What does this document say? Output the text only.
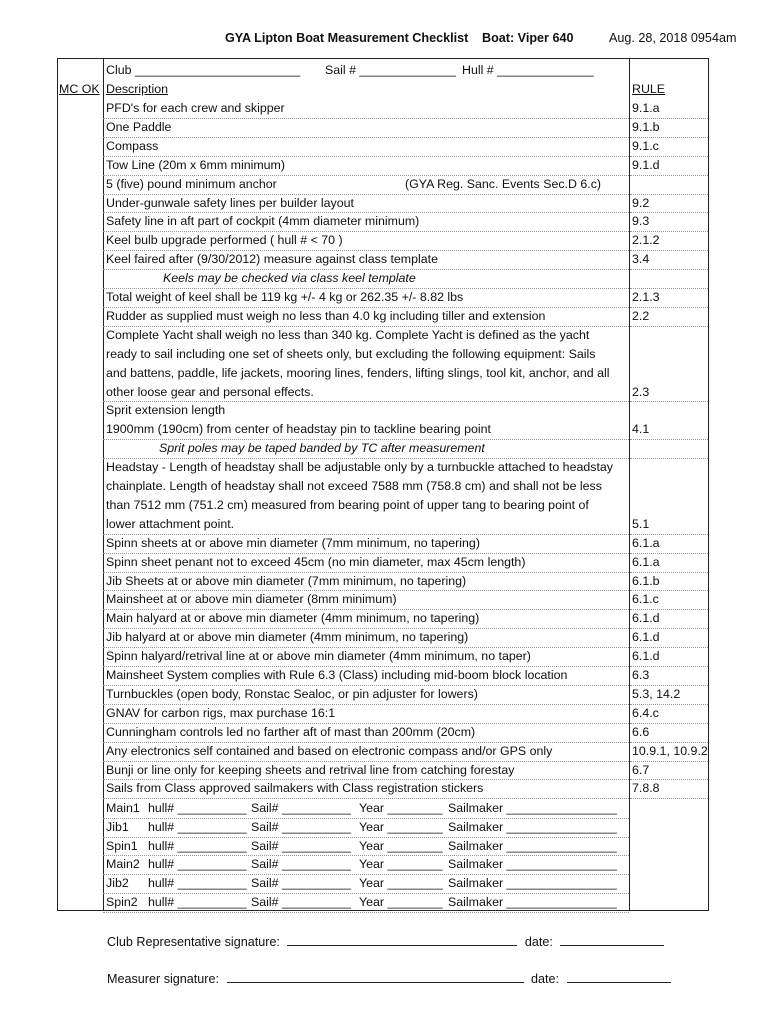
GYA Lipton Boat Measurement Checklist Boat: Viper 640	Aug. 28, 2018 0954am
Club ________________________ Sail # ______________ Hull # ______________
MC OK Description	RULE
PFD's for each crew and skipper	9.1.a
One Paddle	9.1.b
Compass	9.1.c
Tow Line (20m x 6mm minimum)	9.1.d
5 (five) pound minimum anchor	(GYA Reg. Sanc. Events Sec.D 6.c)
Under-gunwale safety lines per builder layout	9.2
Safety line in aft part of cockpit (4mm diameter minimum)	9.3
Keel bulb upgrade performed ( hull # < 70 )	2.1.2
Keel faired after (9/30/2012) measure against class template	3.4
Keels may be checked via class keel template
Total weight of keel shall be 119 kg +/- 4 kg or 262.35 +/- 8.82 lbs	2.1.3
Rudder as supplied must weigh no less than 4.0 kg including tiller and extension	2.2
Complete Yacht shall weigh no less than 340 kg. Complete Yacht is defined as the yacht
ready to sail including one set of sheets only, but excluding the following equipment: Sails
and battens, paddle, life jackets, mooring lines, fenders, lifting slings, tool kit, anchor, and all
other loose gear and personal effects.	2.3
Sprit extension length
1900mm (190cm) from center of headstay pin to tackline bearing point	4.1
Sprit poles may be taped banded by TC after measurement
Headstay - Length of headstay shall be adjustable only by a turnbuckle attached to headstay
chainplate. Length of headstay shall not exceed 7588 mm (758.8 cm) and shall not be less
than 7512 mm (751.2 cm) measured from bearing point of upper tang to bearing point of
lower attachment point.	5.1
Spinn sheets at or above min diameter (7mm minimum, no tapering)	6.1.a
Spinn sheet penant not to exceed 45cm (no min diameter, max 45cm length)	6.1.a
Jib Sheets at or above min diameter (7mm minimum, no tapering)	6.1.b
Mainsheet at or above min diameter (8mm minimum)	6.1.c
Main halyard at or above min diameter (4mm minimum, no tapering)	6.1.d
Jib halyard at or above min diameter (4mm minimum, no tapering)	6.1.d
Spinn halyard/retrival line at or above min diameter (4mm minimum, no taper)	6.1.d
Mainsheet System complies with Rule 6.3 (Class) including mid-boom block location	6.3
Turnbuckles (open body, Ronstac Sealoc, or pin adjuster for lowers)	5.3, 14.2
GNAV for carbon rigs, max purchase 16:1	6.4.c
Cunningham controls led no farther aft of mast than 200mm (20cm)	6.6
Any electronics self contained and based on electronic compass and/or GPS only	10.9.1, 10.9.2
Bunji or line only for keeping sheets and retrival line from catching forestay	6.7
Sails from Class approved sailmakers with Class registration stickers	7.8.8
Main1 hull# __________ Sail# __________ Year ________ Sailmaker ________________
Jib1 hull# __________ Sail# __________ Year ________ Sailmaker ________________
Spin1 hull# __________ Sail# __________ Year ________ Sailmaker ________________
Main2 hull# __________ Sail# __________ Year ________ Sailmaker ________________
Jib2 hull# __________ Sail# __________ Year ________ Sailmaker ________________
Spin2 hull# __________ Sail# __________ Year ________ Sailmaker ________________
Club Representative signature:	date:
Measurer signature:	date:
